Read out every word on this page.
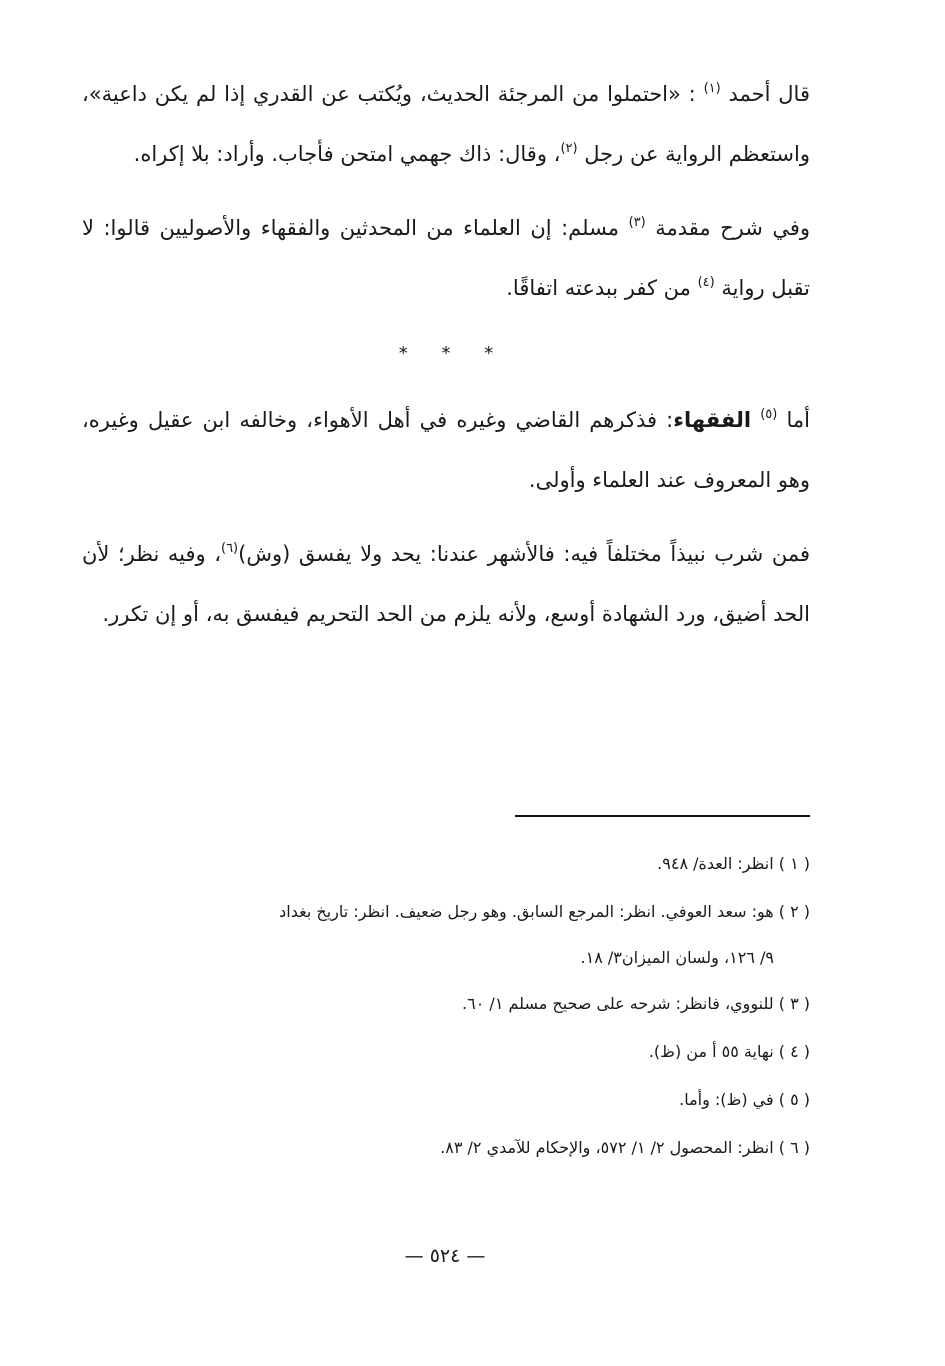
قال أحمد $^{(١)}$ : «احتملوا من المرجئة الحديث، ويُكتب عن القدري إذا لم يكن داعية»، واستعظم الرواية عن رجل $^{(٢)}$، وقال: ذاك جهمي امتحن فأجاب. وأراد: بلا إكراه.

وفي شرح مقدمة $^{(٣)}$ مسلم: إن العلماء من المحدثين والفقهاء والأصوليين قالوا: لا تقبل رواية $^{(٤)}$ من كفر ببدعته اتفاقًا.

* * *

أما $^{(٥)}$ الفقهاء: فذكرهم القاضي وغيره في أهل الأهواء، وخالفه ابن عقيل وغيره، وهو المعروف عند العلماء وأولى.

فمن شرب نبيذاً مختلفاً فيه: فالأشهر عندنا: يحد ولا يفسق (وش)$^{(٦)}$، وفيه نظر؛ لأن الحد أضيق، ورد الشهادة أوسع، ولأنه يلزم من الحد التحريم فيفسق به، أو إن تكرر.

( ١ ) انظر: العدة/ ٩٤٨.

( ٢ ) هو: سعد العوفي. انظر: المرجع السابق. وهو رجل ضعيف. انظر: تاريخ بغداد
٩/ ١٢٦، ولسان الميزان٣/ ١٨.

( ٣ ) للنووي، فانظر: شرحه على صحيح مسلم ١/ ٦٠.

( ٤ ) نهاية ٥٥ أ من (ظ).

( ٥ ) في (ظ): وأما.

( ٦ ) انظر: المحصول ٢/ ١/ ٥٧٢، والإحكام للآمدي ٢/ ٨٣.

— ٥٢٤ —
